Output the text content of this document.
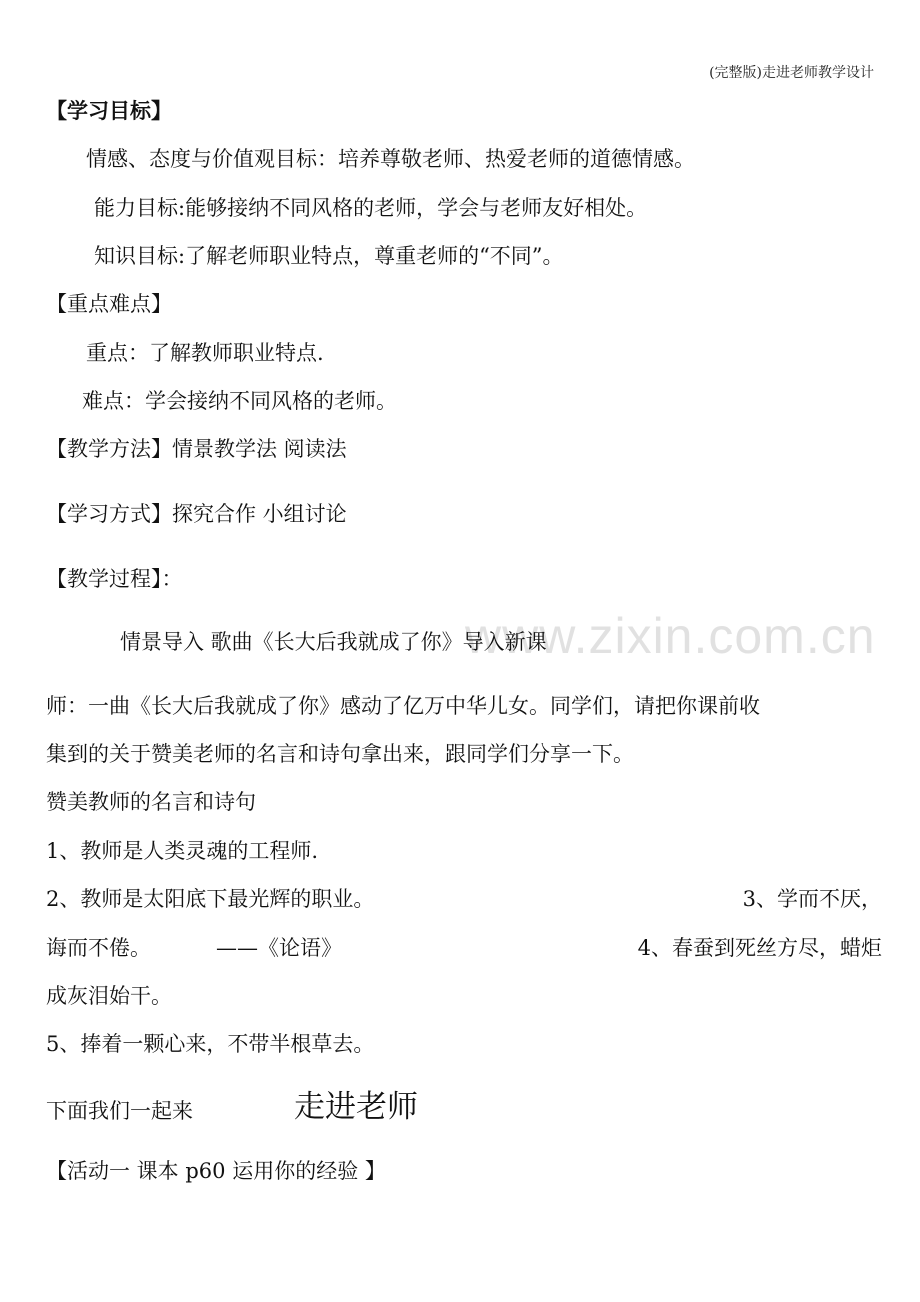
(完整版)走进老师教学设计
www.zixin.com.cn
【学习目标】
情感、态度与价值观目标：培养尊敬老师、热爱老师的道德情感。
能力目标:能够接纳不同风格的老师，学会与老师友好相处。
知识目标:了解老师职业特点，尊重老师的“不同”。
【重点难点】
重点：了解教师职业特点.
难点：学会接纳不同风格的老师。
【教学方法】情景教学法 阅读法
【学习方式】探究合作 小组讨论
【教学过程】：
情景导入 歌曲《长大后我就成了你》导入新课
师：一曲《长大后我就成了你》感动了亿万中华儿女。同学们，请把你课前收
集到的关于赞美老师的名言和诗句拿出来，跟同学们分享一下。
赞美教师的名言和诗句
1、教师是人类灵魂的工程师.
2、教师是太阳底下最光辉的职业。	3、学而不厌，
诲而不倦。	——《论语》	4、春蚕到死丝方尽，蜡炬
成灰泪始干。
5、捧着一颗心来，不带半根草去。
下面我们一起来	走进老师
【活动一 课本 p60 运用你的经验 】
